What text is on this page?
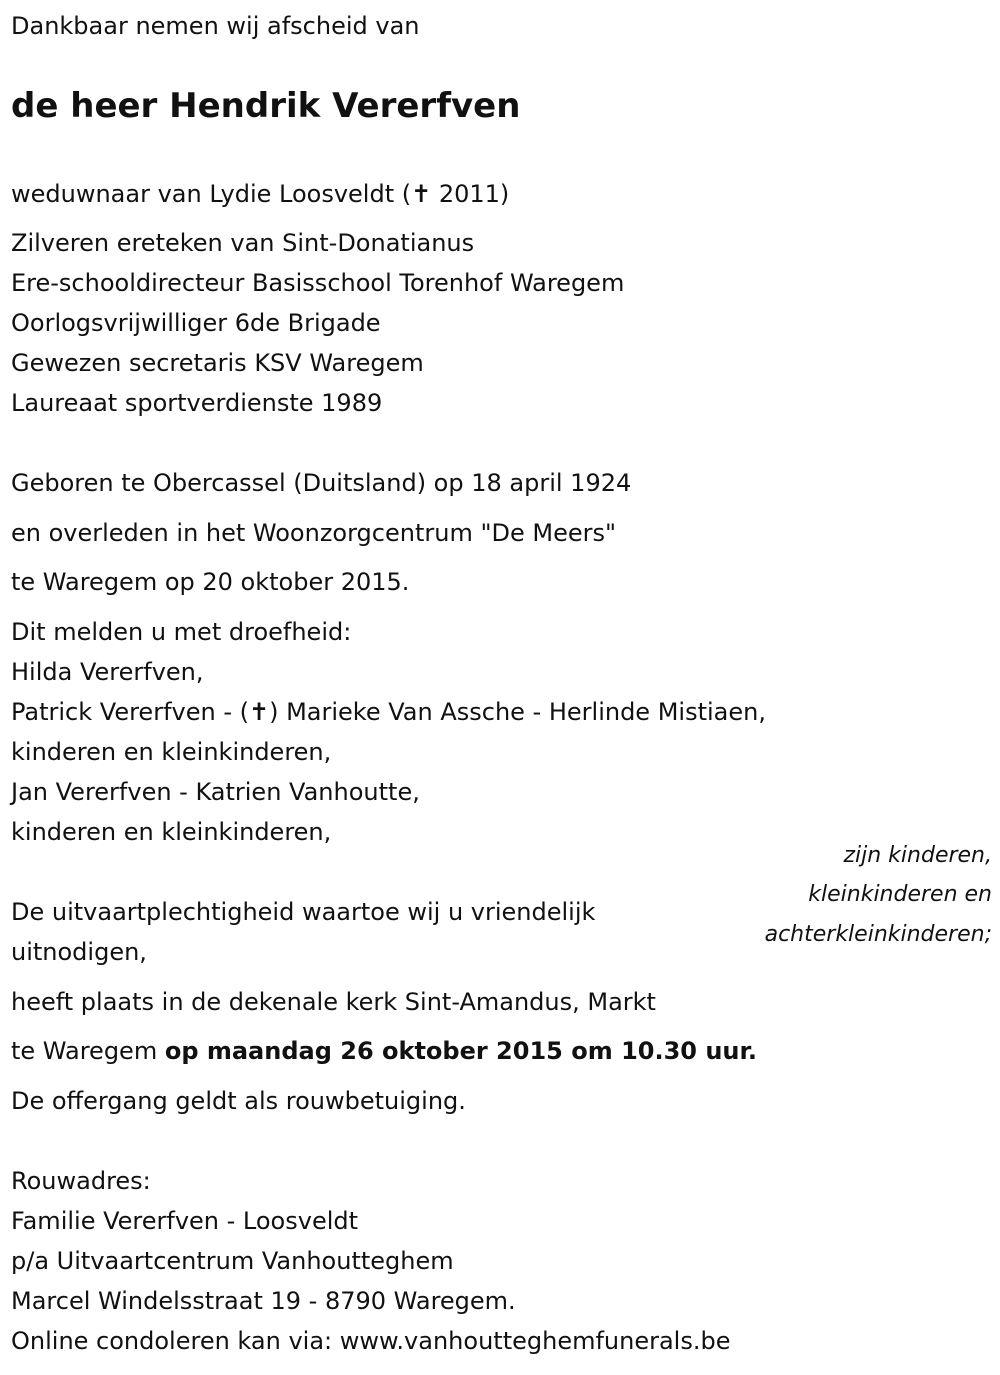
Dankbaar nemen wij afscheid van
de heer Hendrik Vererfven
weduwnaar van Lydie Loosveldt (✝ 2011)
Zilveren ereteken van Sint-Donatianus
Ere-schooldirecteur Basisschool Torenhof Waregem
Oorlogsvrijwilliger 6de Brigade
Gewezen secretaris KSV Waregem
Laureaat sportverdienste 1989
Geboren te Obercassel (Duitsland) op 18 april 1924
en overleden in het Woonzorgcentrum "De Meers"
te Waregem op 20 oktober 2015.
Dit melden u met droefheid:
Hilda Vererfven,
Patrick Vererfven - (✝) Marieke Van Assche - Herlinde Mistiaen,
kinderen en kleinkinderen,
Jan Vererfven - Katrien Vanhoutte,
kinderen en kleinkinderen,
zijn kinderen,
kleinkinderen en
achterkleinkinderen;
De uitvaartplechtigheid waartoe wij u vriendelijk
uitnodigen,
heeft plaats in de dekenale kerk Sint-Amandus, Markt
te Waregem op maandag 26 oktober 2015 om 10.30 uur.
De offergang geldt als rouwbetuiging.
Rouwadres:
Familie Vererfven - Loosveldt
p/a Uitvaartcentrum Vanhoutteghem
Marcel Windelsstraat 19 - 8790 Waregem.
Online condoleren kan via: www.vanhoutteghemfunerals.be
